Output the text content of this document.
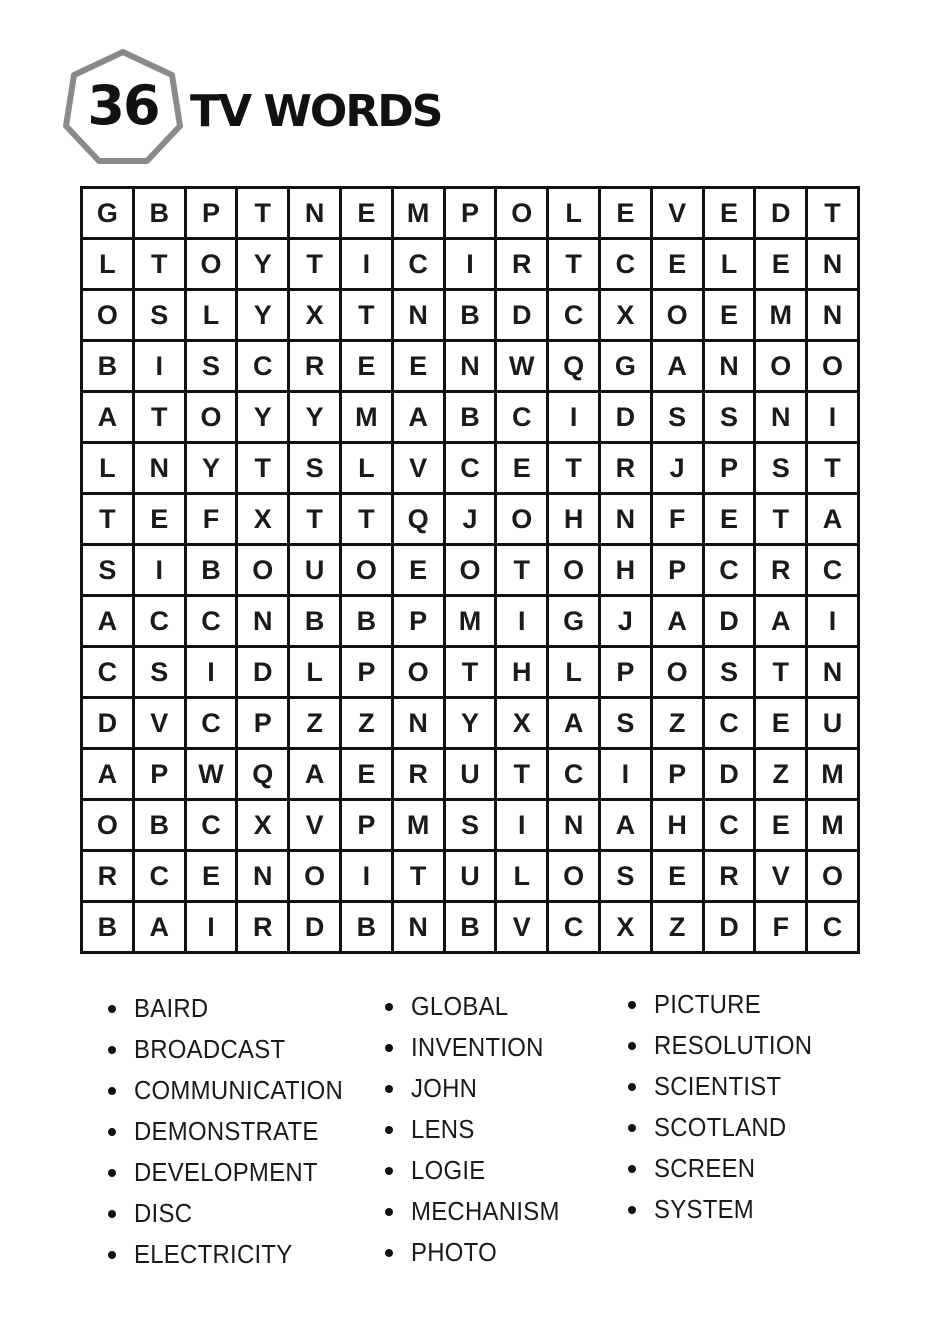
36 TV WORDS
G	B	P	T	N	E	M	P	O	L	E	V	E	D	T
L	T	O	Y	T	I	C	I	R	T	C	E	L	E	N
O	S	L	Y	X	T	N	B	D	C	X	O	E	M	N
B	I	S	C	R	E	E	N	W	Q	G	A	N	O	O
A	T	O	Y	Y	M	A	B	C	I	D	S	S	N	I
L	N	Y	T	S	L	V	C	E	T	R	J	P	S	T
T	E	F	X	T	T	Q	J	O	H	N	F	E	T	A
S	I	B	O	U	O	E	O	T	O	H	P	C	R	C
A	C	C	N	B	B	P	M	I	G	J	A	D	A	I
C	S	I	D	L	P	O	T	H	L	P	O	S	T	N
D	V	C	P	Z	Z	N	Y	X	A	S	Z	C	E	U
A	P	W	Q	A	E	R	U	T	C	I	P	D	Z	M
O	B	C	X	V	P	M	S	I	N	A	H	C	E	M
R	C	E	N	O	I	T	U	L	O	S	E	R	V	O
B	A	I	R	D	B	N	B	V	C	X	Z	D	F	C
BAIRD
BROADCAST
COMMUNICATION
DEMONSTRATE
DEVELOPMENT
DISC
ELECTRICITY
GLOBAL
INVENTION
JOHN
LENS
LOGIE
MECHANISM
PHOTO
PICTURE
RESOLUTION
SCIENTIST
SCOTLAND
SCREEN
SYSTEM
